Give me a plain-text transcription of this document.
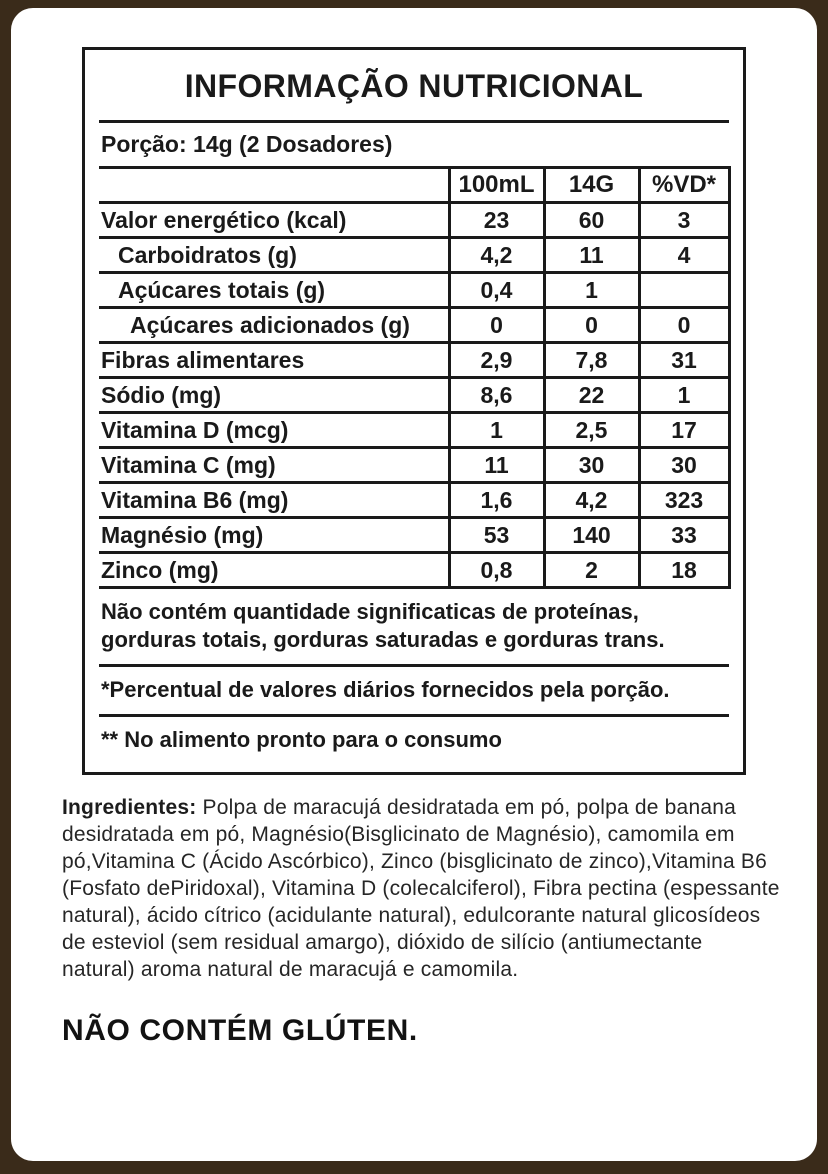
INFORMAÇÃO NUTRICIONAL
Porção: 14g (2 Dosadores)
	100mL	14G	%VD*
Valor energético (kcal)	23	60	3
Carboidratos (g)	4,2	11	4
Açúcares totais (g)	0,4	1	
Açúcares adicionados (g)	0	0	0
Fibras alimentares	2,9	7,8	31
Sódio (mg)	8,6	22	1
Vitamina D (mcg)	1	2,5	17
Vitamina C (mg)	11	30	30
Vitamina B6 (mg)	1,6	4,2	323
Magnésio (mg)	53	140	33
Zinco (mg)	0,8	2	18
Não contém quantidade significaticas de proteínas, gorduras totais, gorduras saturadas e gorduras trans.
*Percentual de valores diários fornecidos pela porção.
** No alimento pronto para o consumo

Ingredientes: Polpa de maracujá desidratada em pó, polpa de banana desidratada em pó, Magnésio(Bisglicinato de Magnésio), camomila em pó,Vitamina C (Ácido Ascórbico), Zinco (bisglicinato de zinco),Vitamina B6 (Fosfato dePiridoxal), Vitamina D (colecalciferol), Fibra pectina (espessante natural), ácido cítrico (acidulante natural), edulcorante natural glicosídeos de esteviol (sem residual amargo), dióxido de silício (antiumectante natural) aroma natural de maracujá e camomila.

NÃO CONTÉM GLÚTEN.
